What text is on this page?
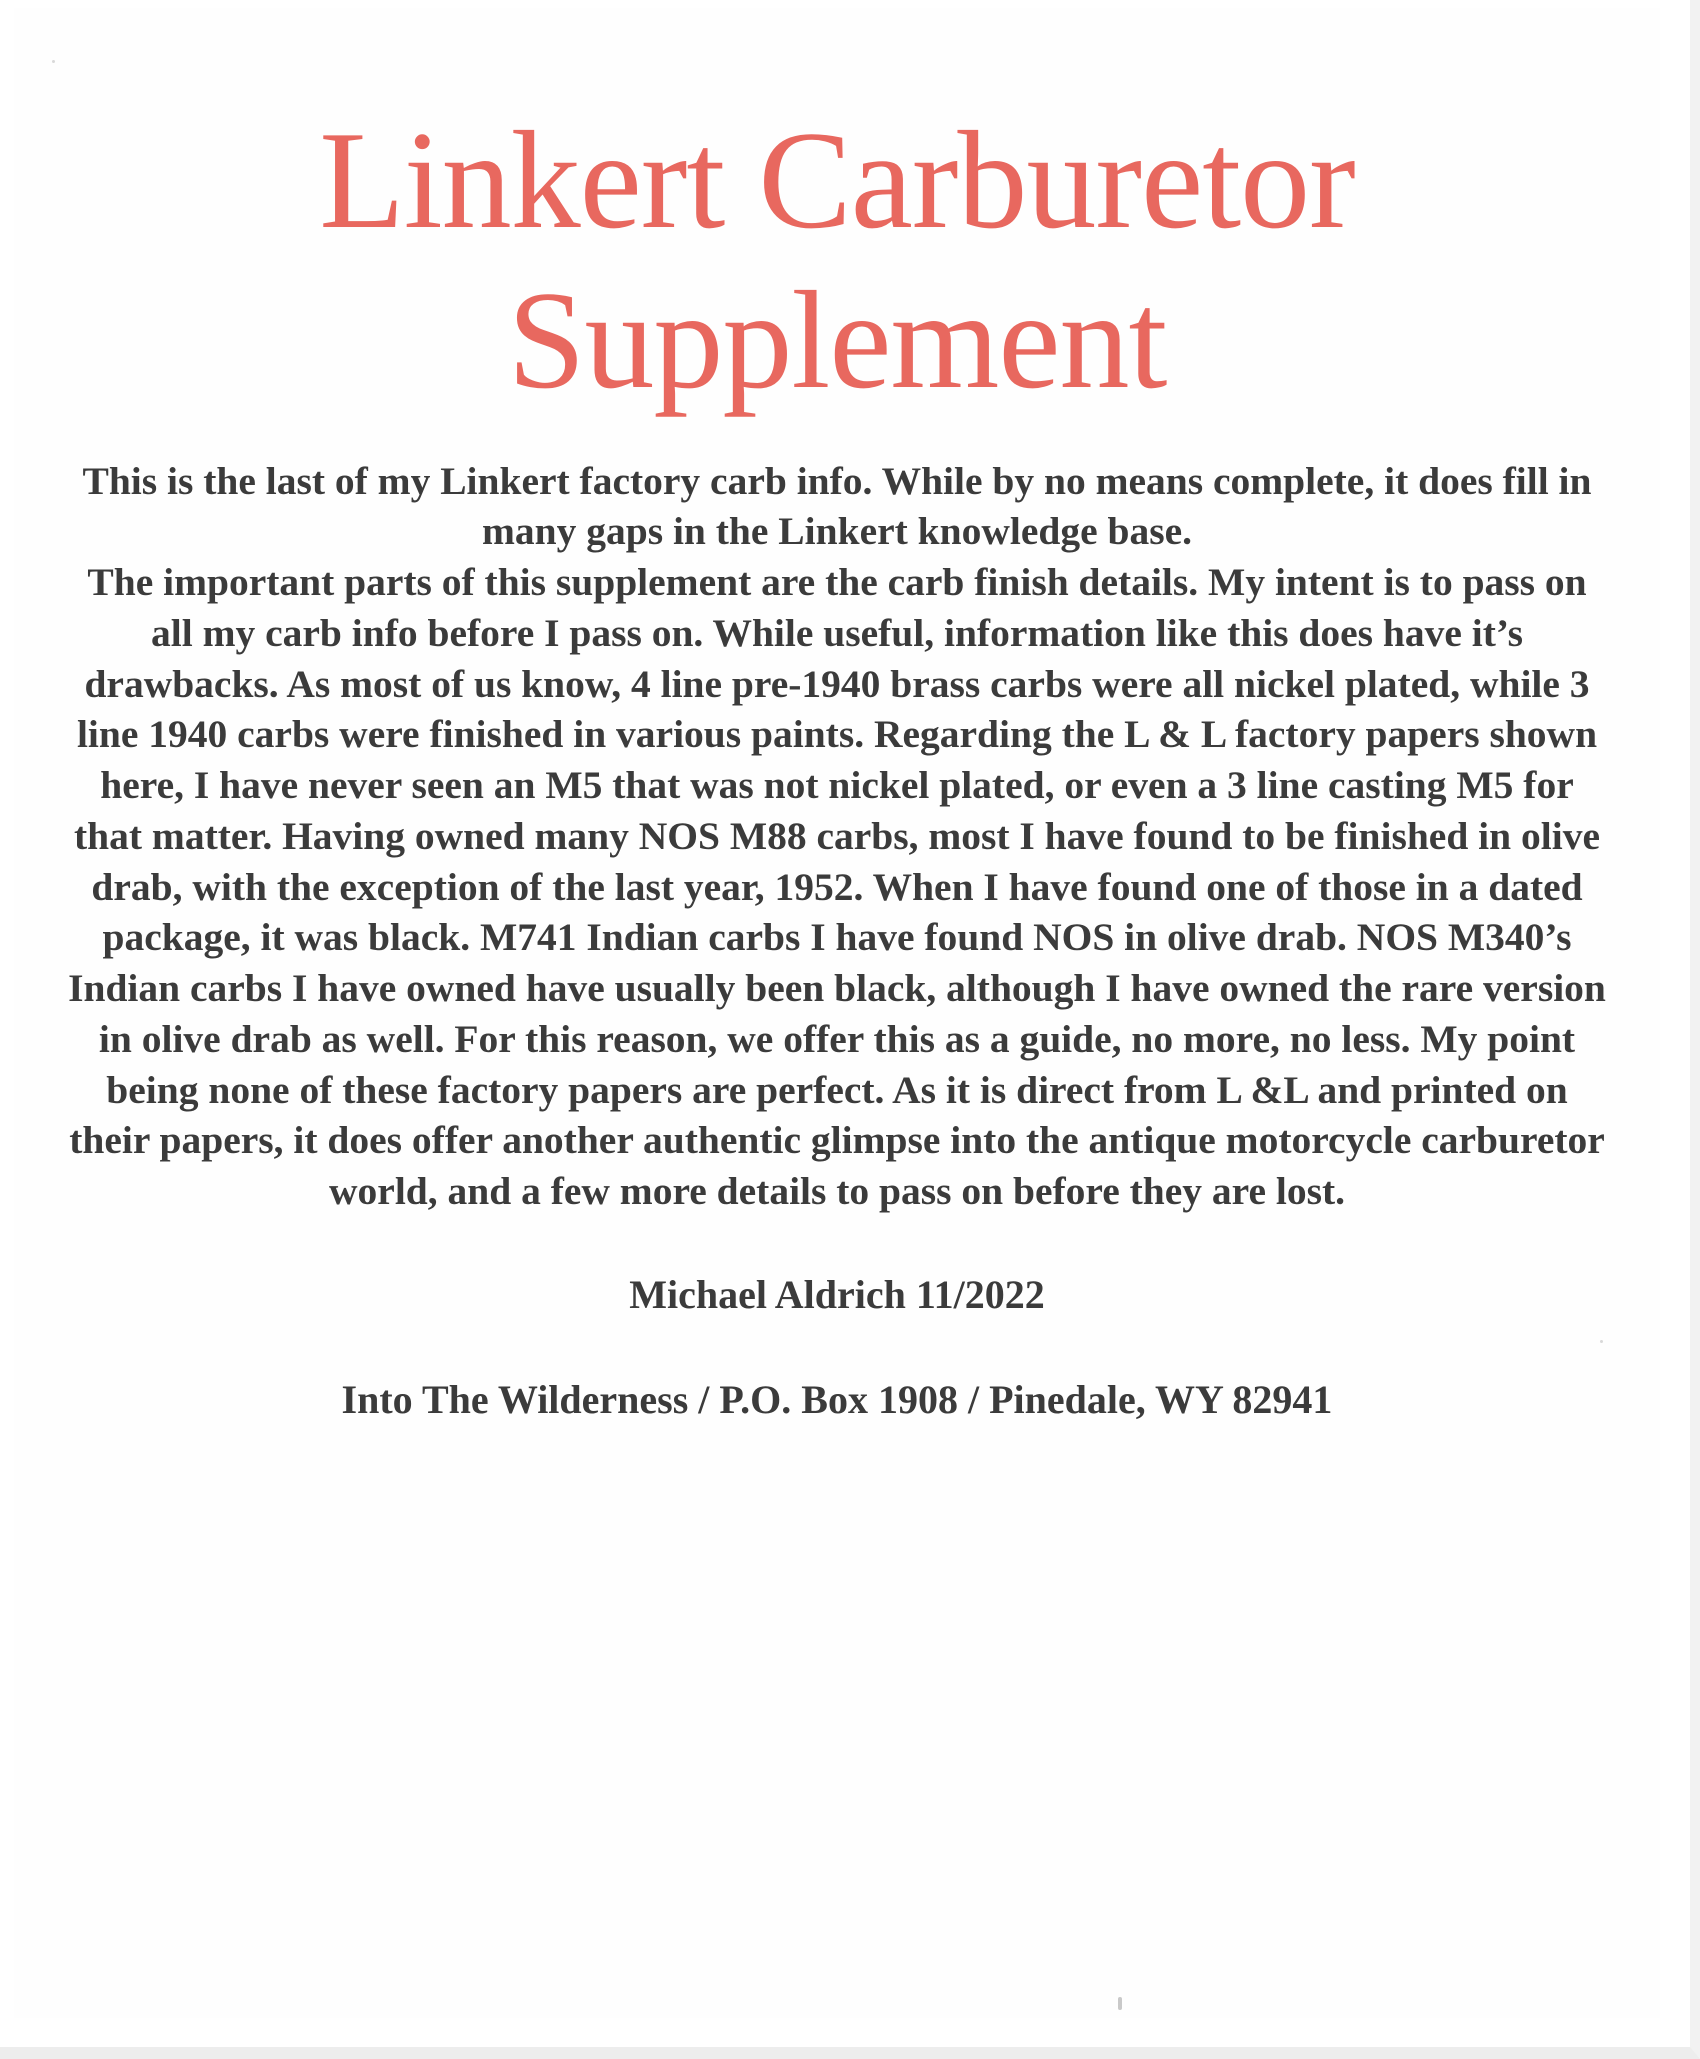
Linkert Carburetor
Supplement

This is the last of my Linkert factory carb info. While by no means complete, it does fill in many gaps in the Linkert knowledge base.

The important parts of this supplement are the carb finish details. My intent is to pass on all my carb info before I pass on. While useful, information like this does have it’s drawbacks. As most of us know, 4 line pre-1940 brass carbs were all nickel plated, while 3 line 1940 carbs were finished in various paints. Regarding the L & L factory papers shown here, I have never seen an M5 that was not nickel plated, or even a 3 line casting M5 for that matter. Having owned many NOS M88 carbs, most I have found to be finished in olive drab, with the exception of the last year, 1952. When I have found one of those in a dated package, it was black. M741 Indian carbs I have found NOS in olive drab. NOS M340’s Indian carbs I have owned have usually been black, although I have owned the rare version in olive drab as well. For this reason, we offer this as a guide, no more, no less. My point being none of these factory papers are perfect. As it is direct from L &L and printed on their papers, it does offer another authentic glimpse into the antique motorcycle carburetor world, and a few more details to pass on before they are lost.

Michael Aldrich 11/2022
Into The Wilderness / P.O. Box 1908 / Pinedale, WY 82941
